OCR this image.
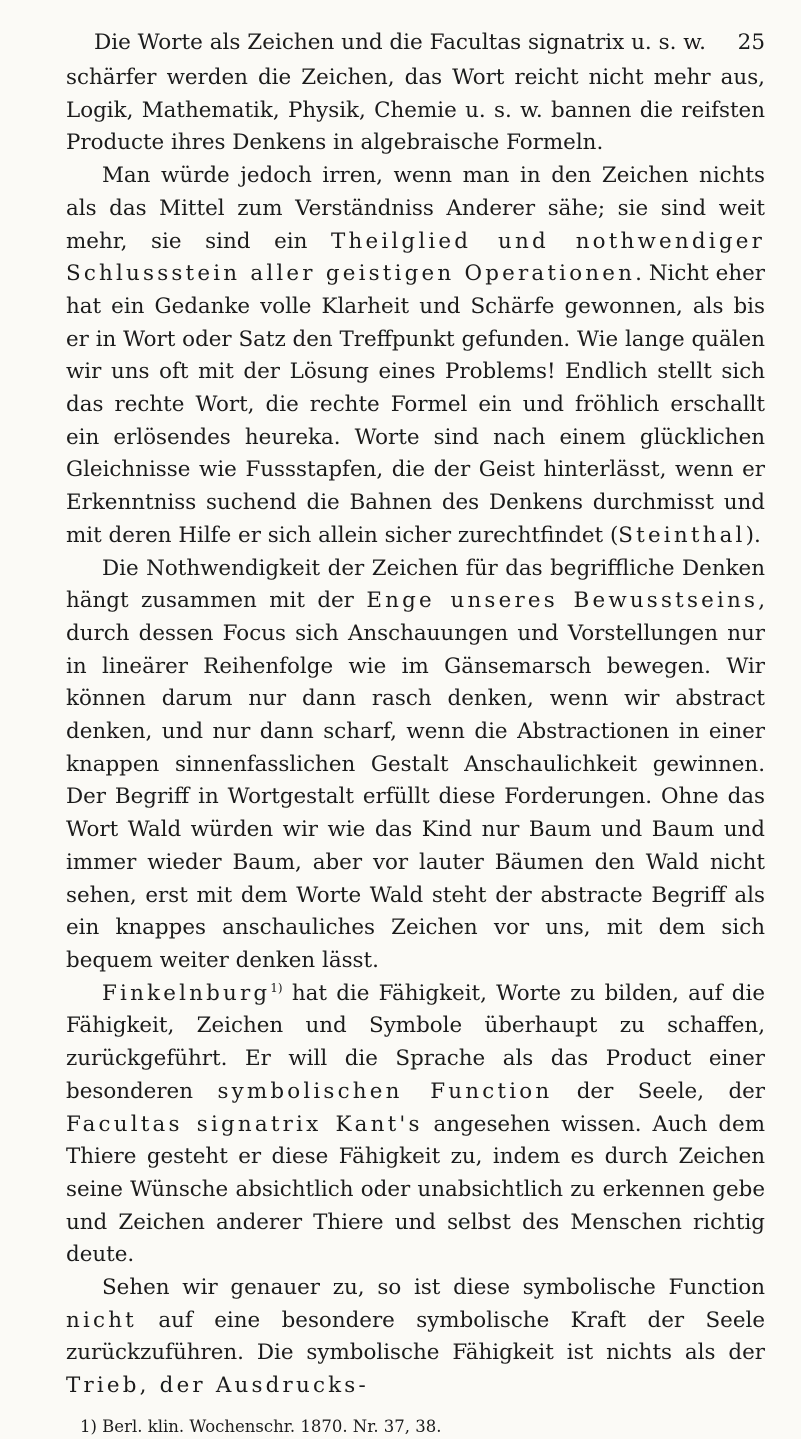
Die Worte als Zeichen und die Facultas signatrix u. s. w. 25

schärfer werden die Zeichen, das Wort reicht nicht mehr aus, Logik, Mathematik, Physik, Chemie u. s. w. bannen die reifsten Producte ihres Denkens in algebraische Formeln.

Man würde jedoch irren, wenn man in den Zeichen nichts als das Mittel zum Verständniss Anderer sähe; sie sind weit mehr, sie sind ein Theilglied und nothwendiger Schlussstein aller geistigen Operationen. Nicht eher hat ein Gedanke volle Klarheit und Schärfe gewonnen, als bis er in Wort oder Satz den Treffpunkt gefunden. Wie lange quälen wir uns oft mit der Lösung eines Problems! Endlich stellt sich das rechte Wort, die rechte Formel ein und fröhlich erschallt ein erlösendes heureka. Worte sind nach einem glücklichen Gleichnisse wie Fussstapfen, die der Geist hinterlässt, wenn er Erkenntniss suchend die Bahnen des Denkens durchmisst und mit deren Hilfe er sich allein sicher zurechtfindet (Steinthal).

Die Nothwendigkeit der Zeichen für das begriffliche Denken hängt zusammen mit der Enge unseres Bewusstseins, durch dessen Focus sich Anschauungen und Vorstellungen nur in lineärer Reihenfolge wie im Gänsemarsch bewegen. Wir können darum nur dann rasch denken, wenn wir abstract denken, und nur dann scharf, wenn die Abstractionen in einer knappen sinnenfasslichen Gestalt Anschaulichkeit gewinnen. Der Begriff in Wortgestalt erfüllt diese Forderungen. Ohne das Wort Wald würden wir wie das Kind nur Baum und Baum und immer wieder Baum, aber vor lauter Bäumen den Wald nicht sehen, erst mit dem Worte Wald steht der abstracte Begriff als ein knappes anschauliches Zeichen vor uns, mit dem sich bequem weiter denken lässt.

Finkelnburg$^{1)}$ hat die Fähigkeit, Worte zu bilden, auf die Fähigkeit, Zeichen und Symbole überhaupt zu schaffen, zurückgeführt. Er will die Sprache als das Product einer besonderen symbolischen Function der Seele, der Facultas signatrix Kant's angesehen wissen. Auch dem Thiere gesteht er diese Fähigkeit zu, indem es durch Zeichen seine Wünsche absichtlich oder unabsichtlich zu erkennen gebe und Zeichen anderer Thiere und selbst des Menschen richtig deute.

Sehen wir genauer zu, so ist diese symbolische Function nicht auf eine besondere symbolische Kraft der Seele zurückzuführen. Die symbolische Fähigkeit ist nichts als der Trieb, der Ausdrucks-

1) Berl. klin. Wochenschr. 1870. Nr. 37, 38.
